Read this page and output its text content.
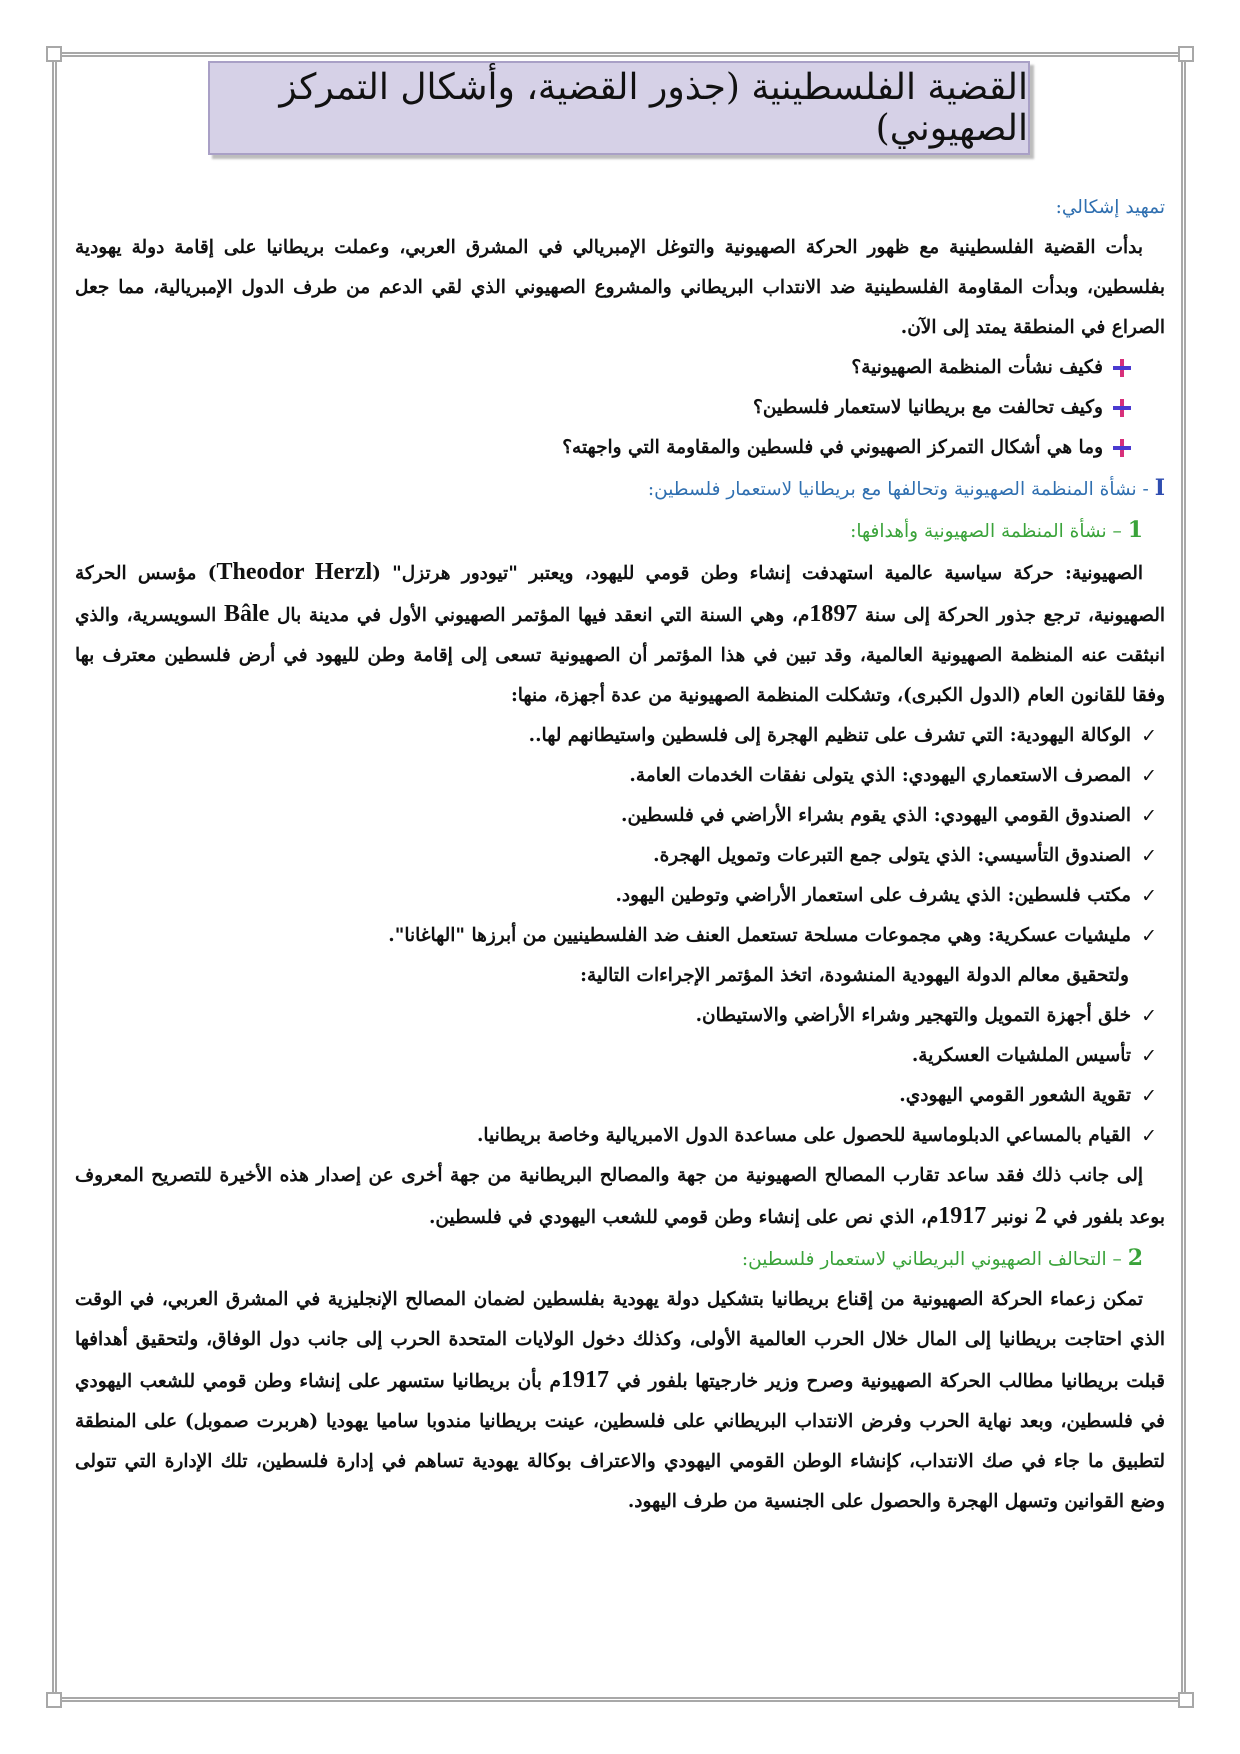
القضية الفلسطينية (جذور القضية، وأشكال التمركز الصهيوني)

تمهيد إشكالي:

بدأت القضية الفلسطينية مع ظهور الحركة الصهيونية والتوغل الإمبريالي في المشرق العربي، وعملت بريطانيا على إقامة دولة يهودية بفلسطين، وبدأت المقاومة الفلسطينية ضد الانتداب البريطاني والمشروع الصهيوني الذي لقي الدعم من طرف الدول الإمبريالية، مما جعل الصراع في المنطقة يمتد إلى الآن.

فكيف نشأت المنظمة الصهيونية؟
وكيف تحالفت مع بريطانيا لاستعمار فلسطين؟
وما هي أشكال التمركز الصهيوني في فلسطين والمقاومة التي واجهته؟

I - نشأة المنظمة الصهيونية وتحالفها مع بريطانيا لاستعمار فلسطين:

1 – نشأة المنظمة الصهيونية وأهدافها:

الصهيونية: حركة سياسية عالمية استهدفت إنشاء وطن قومي لليهود، ويعتبر "تيودور هرتزل" (Theodor Herzl) مؤسس الحركة الصهيونية، ترجع جذور الحركة إلى سنة 1897م، وهي السنة التي انعقد فيها المؤتمر الصهيوني الأول في مدينة بال Bâle السويسرية، والذي انبثقت عنه المنظمة الصهيونية العالمية، وقد تبين في هذا المؤتمر أن الصهيونية تسعى إلى إقامة وطن لليهود في أرض فلسطين معترف بها وفقا للقانون العام (الدول الكبرى)، وتشكلت المنظمة الصهيونية من عدة أجهزة، منها:

✓
الوكالة اليهودية: التي تشرف على تنظيم الهجرة إلى فلسطين واستيطانهم لها..
✓
المصرف الاستعماري اليهودي: الذي يتولى نفقات الخدمات العامة.
✓
الصندوق القومي اليهودي: الذي يقوم بشراء الأراضي في فلسطين.
✓
الصندوق التأسيسي: الذي يتولى جمع التبرعات وتمويل الهجرة.
✓
مكتب فلسطين: الذي يشرف على استعمار الأراضي وتوطين اليهود.
✓
مليشيات عسكرية: وهي مجموعات مسلحة تستعمل العنف ضد الفلسطينيين من أبرزها "الهاغانا".

ولتحقيق معالم الدولة اليهودية المنشودة، اتخذ المؤتمر الإجراءات التالية:

✓
خلق أجهزة التمويل والتهجير وشراء الأراضي والاستيطان.
✓
تأسيس الملشيات العسكرية.
✓
تقوية الشعور القومي اليهودي.
✓
القيام بالمساعي الدبلوماسية للحصول على مساعدة الدول الامبريالية وخاصة بريطانيا.

إلى جانب ذلك فقد ساعد تقارب المصالح الصهيونية من جهة والمصالح البريطانية من جهة أخرى عن إصدار هذه الأخيرة للتصريح المعروف بوعد بلفور في 2 نونبر 1917م، الذي نص على إنشاء وطن قومي للشعب اليهودي في فلسطين.

2 – التحالف الصهيوني البريطاني لاستعمار فلسطين:

تمكن زعماء الحركة الصهيونية من إقناع بريطانيا بتشكيل دولة يهودية بفلسطين لضمان المصالح الإنجليزية في المشرق العربي، في الوقت الذي احتاجت بريطانيا إلى المال خلال الحرب العالمية الأولى، وكذلك دخول الولايات المتحدة الحرب إلى جانب دول الوفاق، ولتحقيق أهدافها قبلت بريطانيا مطالب الحركة الصهيونية وصرح وزير خارجيتها بلفور في 1917م بأن بريطانيا ستسهر على إنشاء وطن قومي للشعب اليهودي في فلسطين، وبعد نهاية الحرب وفرض الانتداب البريطاني على فلسطين، عينت بريطانيا مندوبا ساميا يهوديا (هربرت صموبل) على المنطقة لتطبيق ما جاء في صك الانتداب، كإنشاء الوطن القومي اليهودي والاعتراف بوكالة يهودية تساهم في إدارة فلسطين، تلك الإدارة التي تتولى وضع القوانين وتسهل الهجرة والحصول على الجنسية من طرف اليهود.
